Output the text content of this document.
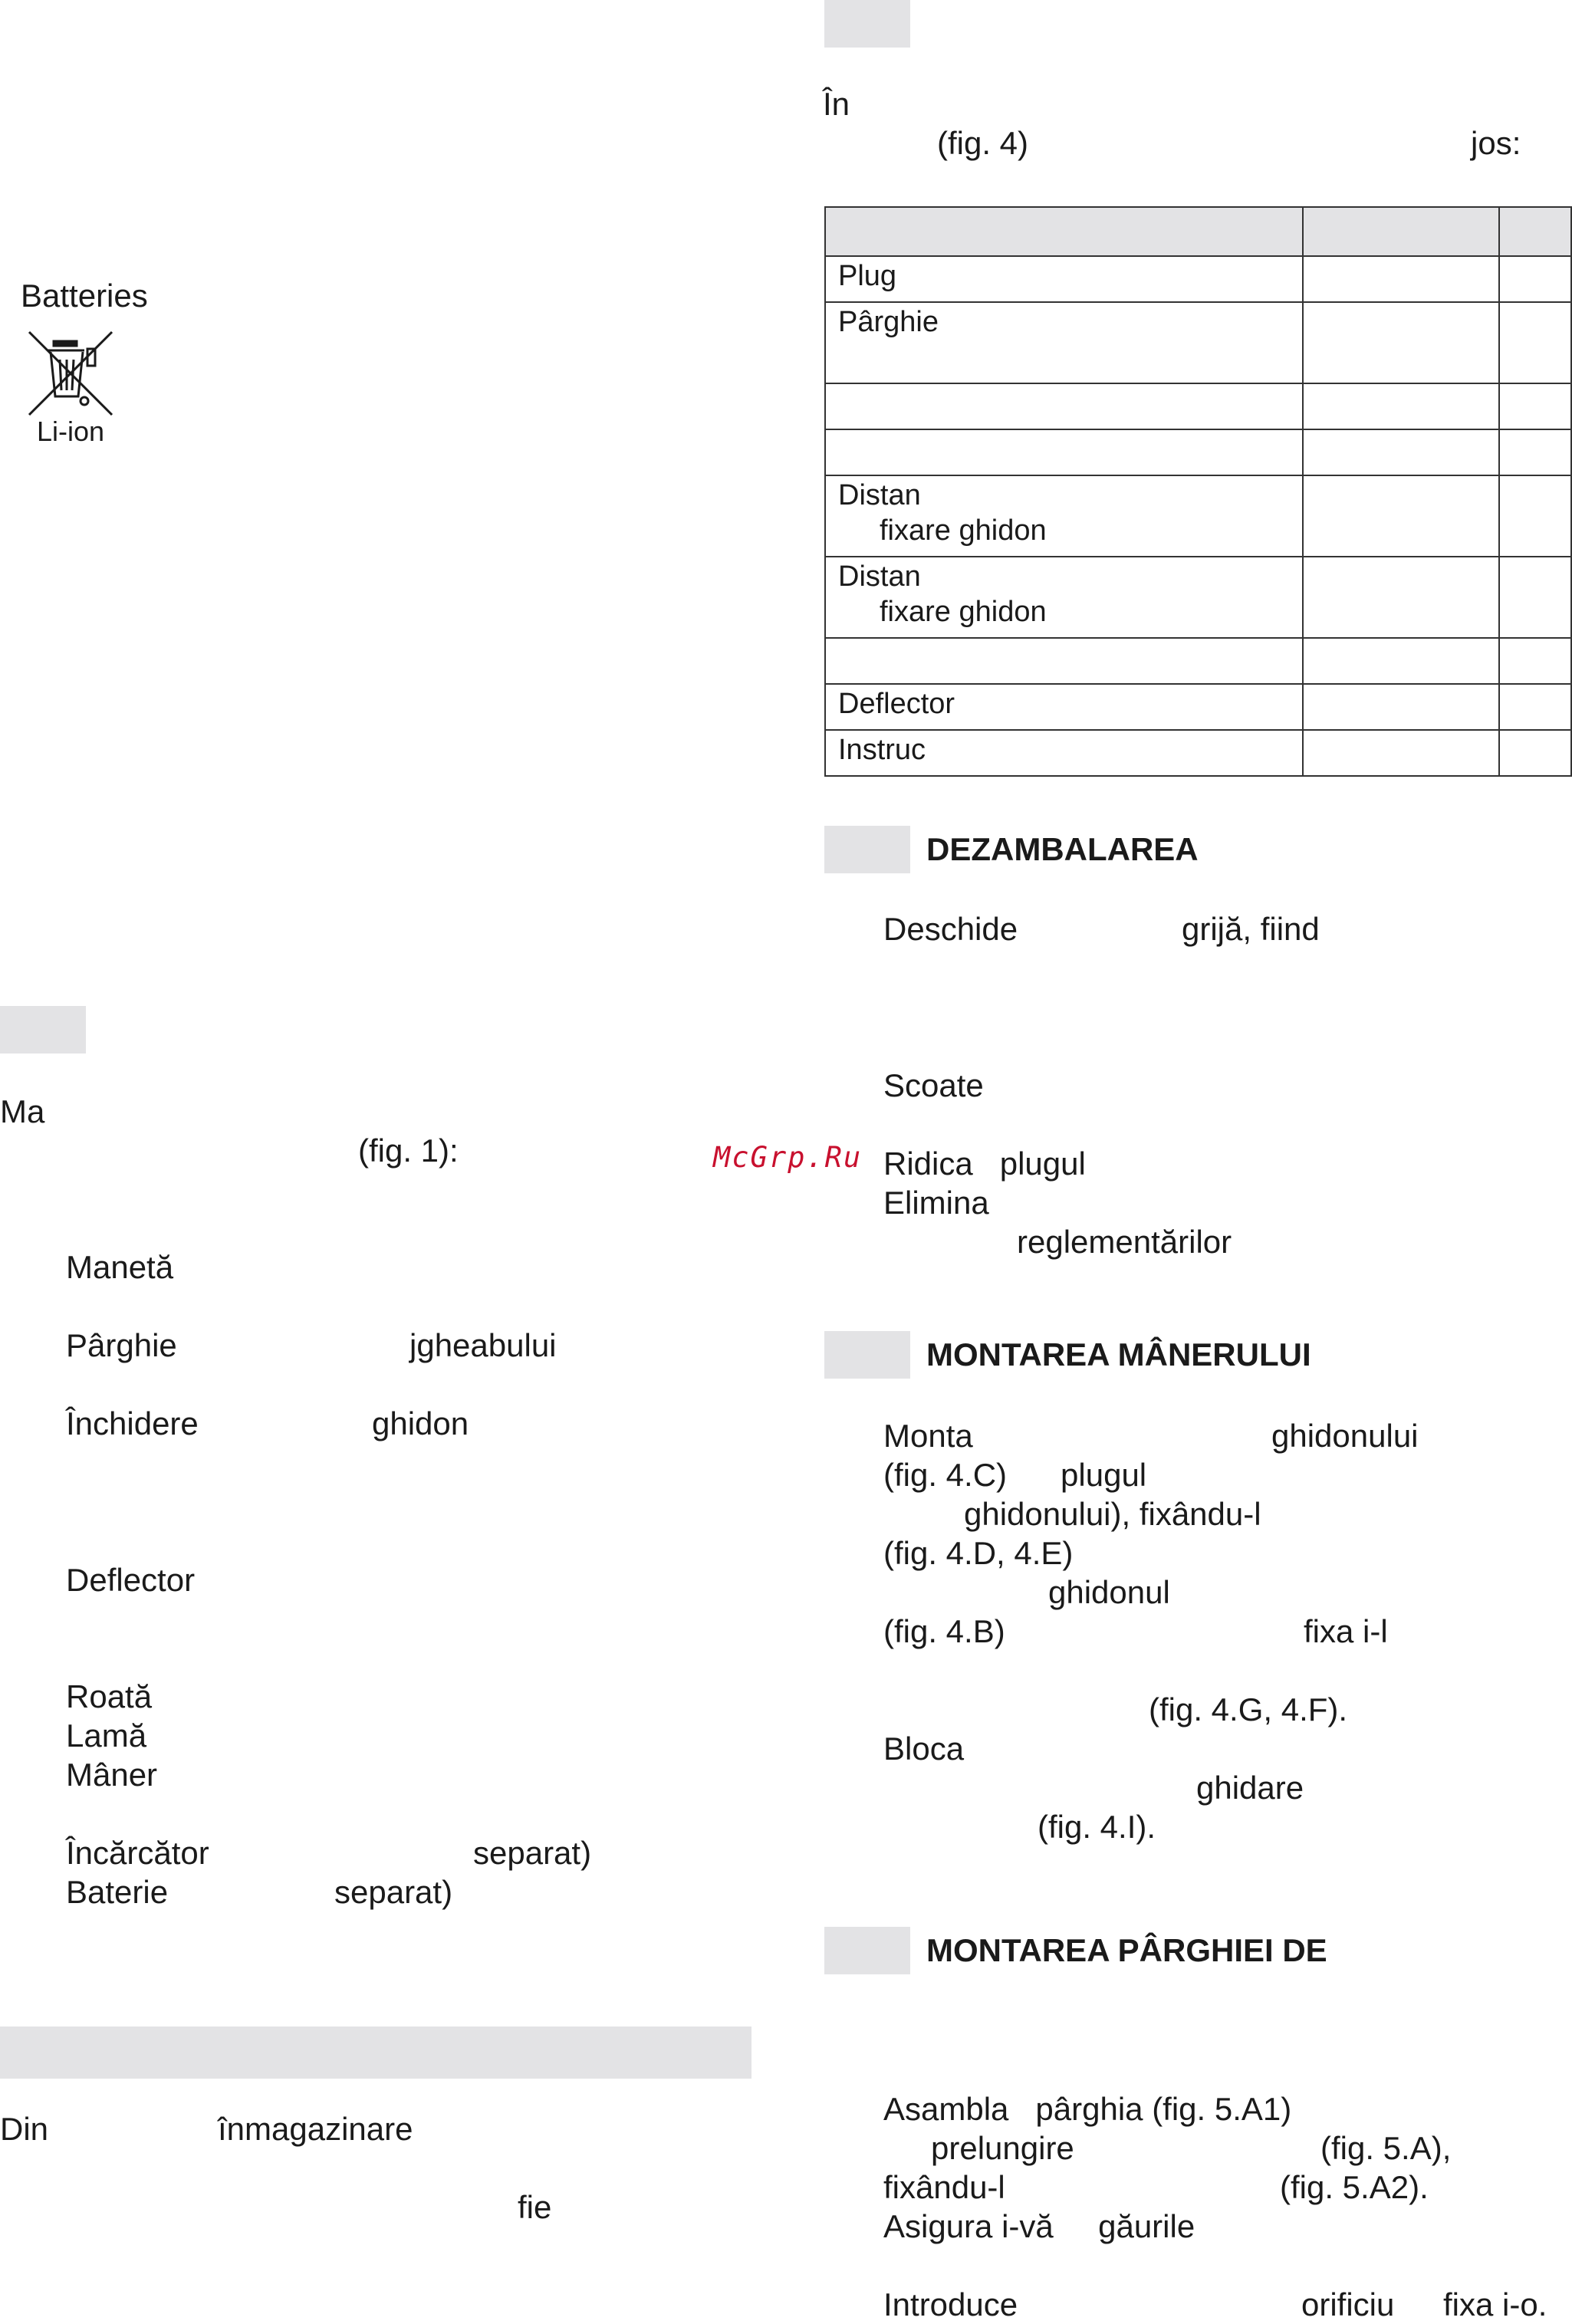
Batteries
Li-ion
Ma
(fig. 1):
Manetă
Pârghie	jgheabului
Închidere	ghidon
Deflector
Roată
Lamă
Mâner
Încărcător	separat)
Baterie	separat)
Din	înmagazinare
fie
McGrp.Ru
În
(fig. 4)	jos:

Plug		
Pârghie		

Distan
fixare ghidon		

Distan
fixare ghidon		

Deflector		
Instruc		
DEZAMBALAREA
Deschide	grijă, fiind
Scoate
Ridica   plugul
Elimina
reglementărilor
MONTAREA MÂNERULUI
Monta	ghidonului
(fig. 4.C)      plugul
ghidonului), fixându-l
(fig. 4.D, 4.E)
ghidonul
(fig. 4.B)	fixa i-l
(fig. 4.G, 4.F).
Bloca
ghidare
(fig. 4.I).
MONTAREA PÂRGHIEI DE
Asambla   pârghia (fig. 5.A1)
prelungire	(fig. 5.A),
fixându-l	(fig. 5.A2).
Asigura i-vă     găurile
Introduce	orificiu fixa i-o.
